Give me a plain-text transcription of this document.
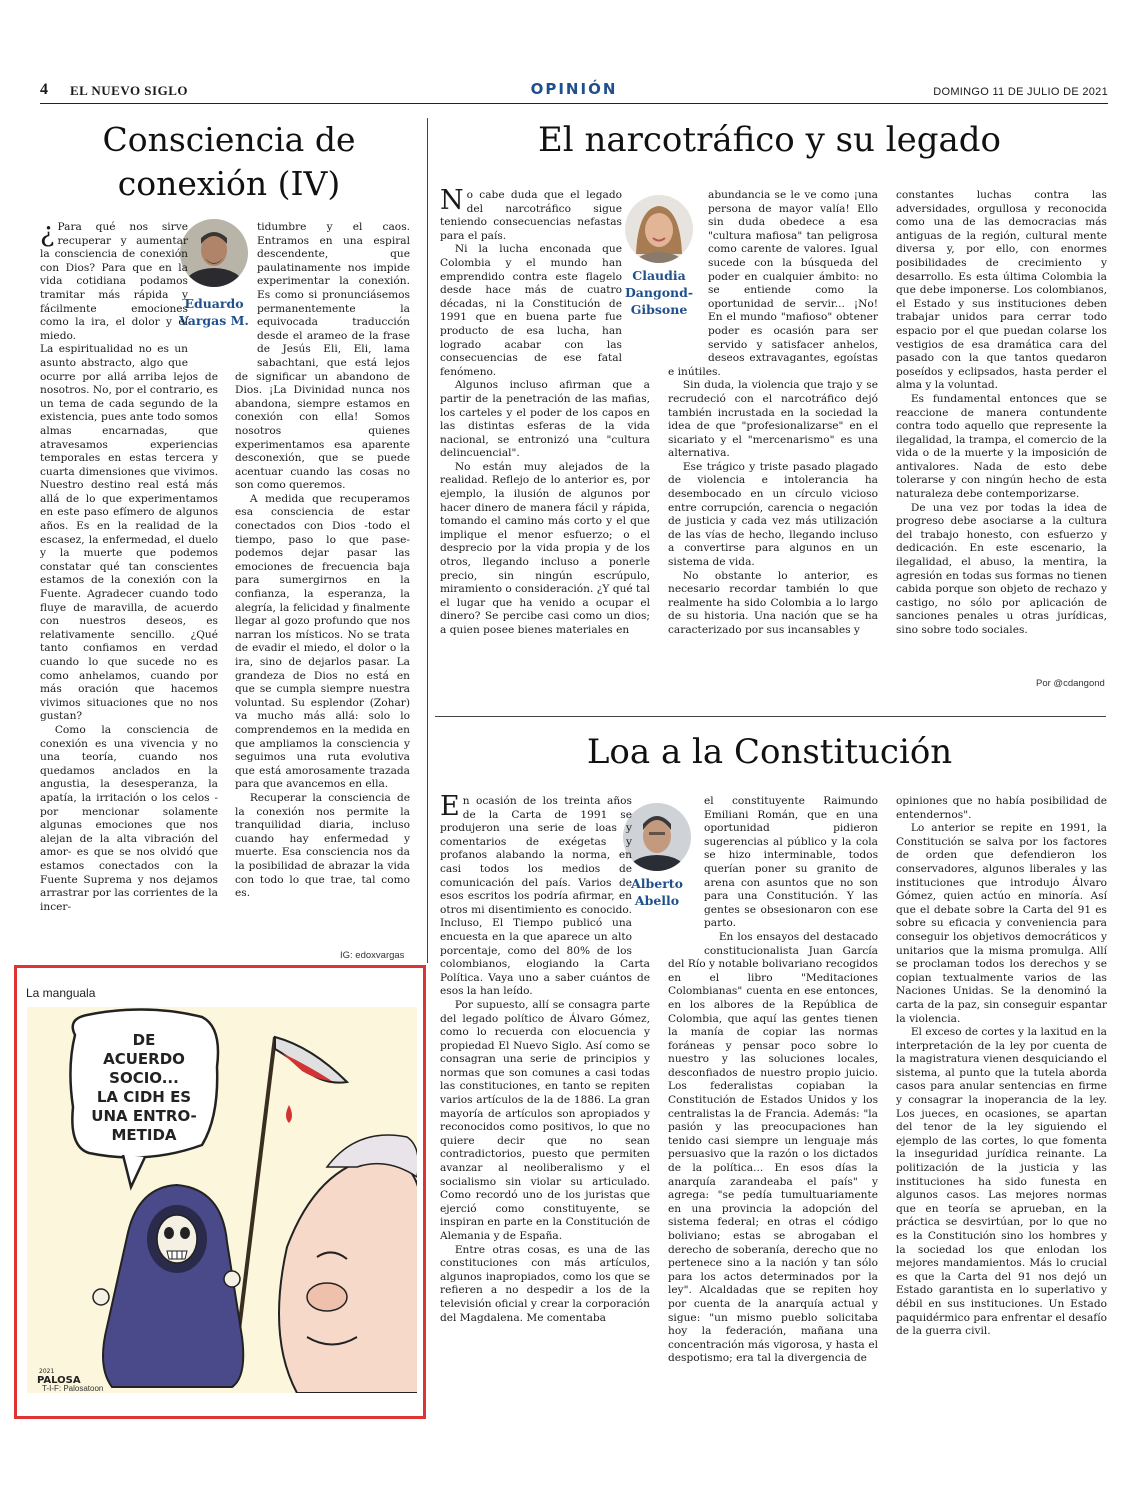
4 EL NUEVO SIGLO	OPINIÓN	DOMINGO 11 DE JULIO DE 2021
Consciencia de
conexión (IV)
Eduardo
Vargas M.

¿ Para qué nos sirve recuperar y aumentar la consciencia de conexión con Dios? Para que en la vida cotidiana podamos tramitar más rápida y fácilmente emociones como la ira, el dolor y el miedo.

La espiritualidad no es un asunto abstracto, algo que ocurre por allá arriba lejos de nosotros. No, por el contrario, es un tema de cada segundo de la existencia, pues ante todo somos almas encarnadas, que atravesamos experiencias temporales en estas tercera y cuarta dimensiones que vivimos. Nuestro destino real está más allá de lo que experimentamos en este paso efímero de algunos años. Es en la realidad de la escasez, la enfermedad, el duelo y la muerte que podemos constatar qué tan conscientes estamos de la conexión con la Fuente. Agradecer cuando todo fluye de maravilla, de acuerdo con nuestros deseos, es relativamente sencillo. ¿Qué tanto confiamos en verdad cuando lo que sucede no es como anhelamos, cuando por más oración que hacemos vivimos situaciones que no nos gustan?

Como la consciencia de conexión es una vivencia y no una teoría, cuando nos quedamos anclados en la angustia, la desesperanza, la apatía, la irritación o los celos -por mencionar solamente algunas emociones que nos alejan de la alta vibración del amor- es que se nos olvidó que estamos conectados con la Fuente Suprema y nos dejamos arrastrar por las corrientes de la incer-

tidumbre y el caos. Entramos en una espiral descendente, que paulatinamente nos impide experimentar la conexión. Es como si pronunciásemos permanentemente la equivocada traducción desde el arameo de la frase de Jesús Eli, Eli, lama sabachtani, que está lejos de significar un abandono de Dios. ¡La Divinidad nunca nos abandona, siempre estamos en conexión con ella! Somos nosotros quienes experimentamos esa aparente desconexión, que se puede acentuar cuando las cosas no son como queremos.

A medida que recuperamos esa consciencia de estar conectados con Dios -todo el tiempo, paso lo que pase- podemos dejar pasar las emociones de frecuencia baja para sumergirnos en la confianza, la esperanza, la alegría, la felicidad y finalmente llegar al gozo profundo que nos narran los místicos. No se trata de evadir el miedo, el dolor o la ira, sino de dejarlos pasar. La grandeza de Dios no está en que se cumpla siempre nuestra voluntad. Su esplendor (Zohar) va mucho más allá: solo lo comprendemos en la medida en que ampliamos la consciencia y seguimos una ruta evolutiva que está amorosamente trazada para que avancemos en ella.

Recuperar la consciencia de la conexión nos permite la tranquilidad diaria, incluso cuando hay enfermedad y muerte. Esa consciencia nos da la posibilidad de abrazar la vida con todo lo que trae, tal como es.

IG: edoxvargas
El narcotráfico y su legado
Claudia
Dangond-
Gibsone

No cabe duda que el legado del narcotráfico sigue teniendo consecuencias nefastas para el país.

Ni la lucha enconada que Colombia y el mundo han emprendido contra este flagelo desde hace más de cuatro décadas, ni la Constitución de 1991 que en buena parte fue producto de esa lucha, han logrado acabar con las consecuencias de ese fatal fenómeno.

Algunos incluso afirman que a partir de la penetración de las mafias, los carteles y el poder de los capos en las distintas esferas de la vida nacional, se entronizó una "cultura delincuencial".

No están muy alejados de la realidad. Reflejo de lo anterior es, por ejemplo, la ilusión de algunos por hacer dinero de manera fácil y rápida, tomando el camino más corto y el que implique el menor esfuerzo; o el desprecio por la vida propia y de los otros, llegando incluso a ponerle precio, sin ningún escrúpulo, miramiento o consideración. ¿Y qué tal el lugar que ha venido a ocupar el dinero? Se percibe casi como un dios; a quien posee bienes materiales en

abundancia se le ve como ¡una persona de mayor valía! Ello sin duda obedece a esa "cultura mafiosa" tan peligrosa como carente de valores. Igual sucede con la búsqueda del poder en cualquier ámbito: no se entiende como la oportunidad de servir... ¡No! En el mundo "mafioso" obtener poder es ocasión para ser servido y satisfacer anhelos, deseos extravagantes, egoístas e inútiles.

Sin duda, la violencia que trajo y se recrudeció con el narcotráfico dejó también incrustada en la sociedad la idea de que "profesionalizarse" en el sicariato y el "mercenarismo" es una alternativa.

Ese trágico y triste pasado plagado de violencia e intolerancia ha desembocado en un círculo vicioso entre corrupción, carencia o negación de justicia y cada vez más utilización de las vías de hecho, llegando incluso a convertirse para algunos en un sistema de vida.

No obstante lo anterior, es necesario recordar también lo que realmente ha sido Colombia a lo largo de su historia. Una nación que se ha caracterizado por sus incansables y

constantes luchas contra las adversidades, orgullosa y reconocida como una de las democracias más antiguas de la región, cultural mente diversa y, por ello, con enormes posibilidades de crecimiento y desarrollo. Es esta última Colombia la que debe imponerse. Los colombianos, el Estado y sus instituciones deben trabajar unidos para cerrar todo espacio por el que puedan colarse los vestigios de esa dramática cara del pasado con la que tantos quedaron poseídos y eclipsados, hasta perder el alma y la voluntad.

Es fundamental entonces que se reaccione de manera contundente contra todo aquello que represente la ilegalidad, la trampa, el comercio de la vida o de la muerte y la imposición de antivalores. Nada de esto debe tolerarse y con ningún hecho de esta naturaleza debe contemporizarse.

De una vez por todas la idea de progreso debe asociarse a la cultura del trabajo honesto, con esfuerzo y dedicación. En este escenario, la ilegalidad, el abuso, la mentira, la agresión en todas sus formas no tienen cabida porque son objeto de rechazo y castigo, no sólo por aplicación de sanciones penales u otras jurídicas, sino sobre todo sociales.

Por @cdangond
Loa a la Constitución
Alberto
Abello

En ocasión de los treinta años de la Carta de 1991 se produjeron una serie de loas y comentarios de exégetas y profanos alabando la norma, en casi todos los medios de comunicación del país. Varios de esos escritos los podría afirmar, en otros mi disentimiento es conocido. Incluso, El Tiempo publicó una encuesta en la que aparece un alto porcentaje, como del 80% de los colombianos, elogiando la Carta Política. Vaya uno a saber cuántos de esos la han leído.

Por supuesto, allí se consagra parte del legado político de Álvaro Gómez, como lo recuerda con elocuencia y propiedad El Nuevo Siglo. Así como se consagran una serie de principios y normas que son comunes a casi todas las constituciones, en tanto se repiten varios artículos de la de 1886. La gran mayoría de artículos son apropiados y reconocidos como positivos, lo que no quiere decir que no sean contradictorios, puesto que permiten avanzar al neoliberalismo y el socialismo sin violar su articulado. Como recordó uno de los juristas que ejerció como constituyente, se inspiran en parte en la Constitución de Alemania y de España.

Entre otras cosas, es una de las constituciones con más artículos, algunos inapropiados, como los que se refieren a no despedir a los de la televisión oficial y crear la corporación del Magdalena. Me comentaba

el constituyente Raimundo Emiliani Román, que en una oportunidad pidieron sugerencias al público y la cola se hizo interminable, todos querían poner su granito de arena con asuntos que no son para una Constitución. Y las gentes se obsesionaron con ese parto.

En los ensayos del destacado constitucionalista Juan García del Río y notable bolivariano recogidos en el libro "Meditaciones Colombianas" cuenta en ese entonces, en los albores de la República de Colombia, que aquí las gentes tienen la manía de copiar las normas foráneas y pensar poco sobre lo nuestro y las soluciones locales, desconfiados de nuestro propio juicio. Los federalistas copiaban la Constitución de Estados Unidos y los centralistas la de Francia. Además: "la pasión y las preocupaciones han tenido casi siempre un lenguaje más persuasivo que la razón o los dictados de la política... En esos días la anarquía zarandeaba el país" y agrega: "se pedía tumultuariamente en una provincia la adopción del sistema federal; en otras el código boliviano; estas se abrogaban el derecho de soberanía, derecho que no pertenece sino a la nación y tan sólo para los actos determinados por la ley". Alcaldadas que se repiten hoy por cuenta de la anarquía actual y sigue: "un mismo pueblo solicitaba hoy la federación, mañana una concentración más vigorosa, y hasta el despotismo; era tal la divergencia de

opiniones que no había posibilidad de entendernos".

Lo anterior se repite en 1991, la Constitución se salva por los factores de orden que defendieron los conservadores, algunos liberales y las instituciones que introdujo Álvaro Gómez, quien actúo en minoría. Así que el debate sobre la Carta del 91 es sobre su eficacia y conveniencia para conseguir los objetivos democráticos y unitarios que la misma promulga. Allí se proclaman todos los derechos y se copian textualmente varios de las Naciones Unidas. Se la denominó la carta de la paz, sin conseguir espantar la violencia.

El exceso de cortes y la laxitud en la interpretación de la ley por cuenta de la magistratura vienen desquiciando el sistema, al punto que la tutela aborda casos para anular sentencias en firme y consagrar la inoperancia de la ley. Los jueces, en ocasiones, se apartan del tenor de la ley siguiendo el ejemplo de las cortes, lo que fomenta la inseguridad jurídica reinante. La politización de la justicia y las instituciones ha sido funesta en algunos casos. Las mejores normas que en teoría se aprueban, en la práctica se desvirtúan, por lo que no es la Constitución sino los hombres y la sociedad los que enlodan los mejores mandamientos. Más lo crucial es que la Carta del 91 nos dejó un Estado garantista en lo superlativo y débil en sus instituciones. Un Estado paquidérmico para enfrentar el desafío de la guerra civil.

La manguala
DE
ACUERDO
SOCIO...
LA CIDH ES
UNA ENTRO-
METIDA
2021
PALOSA
T-I-F: Palosatoon
